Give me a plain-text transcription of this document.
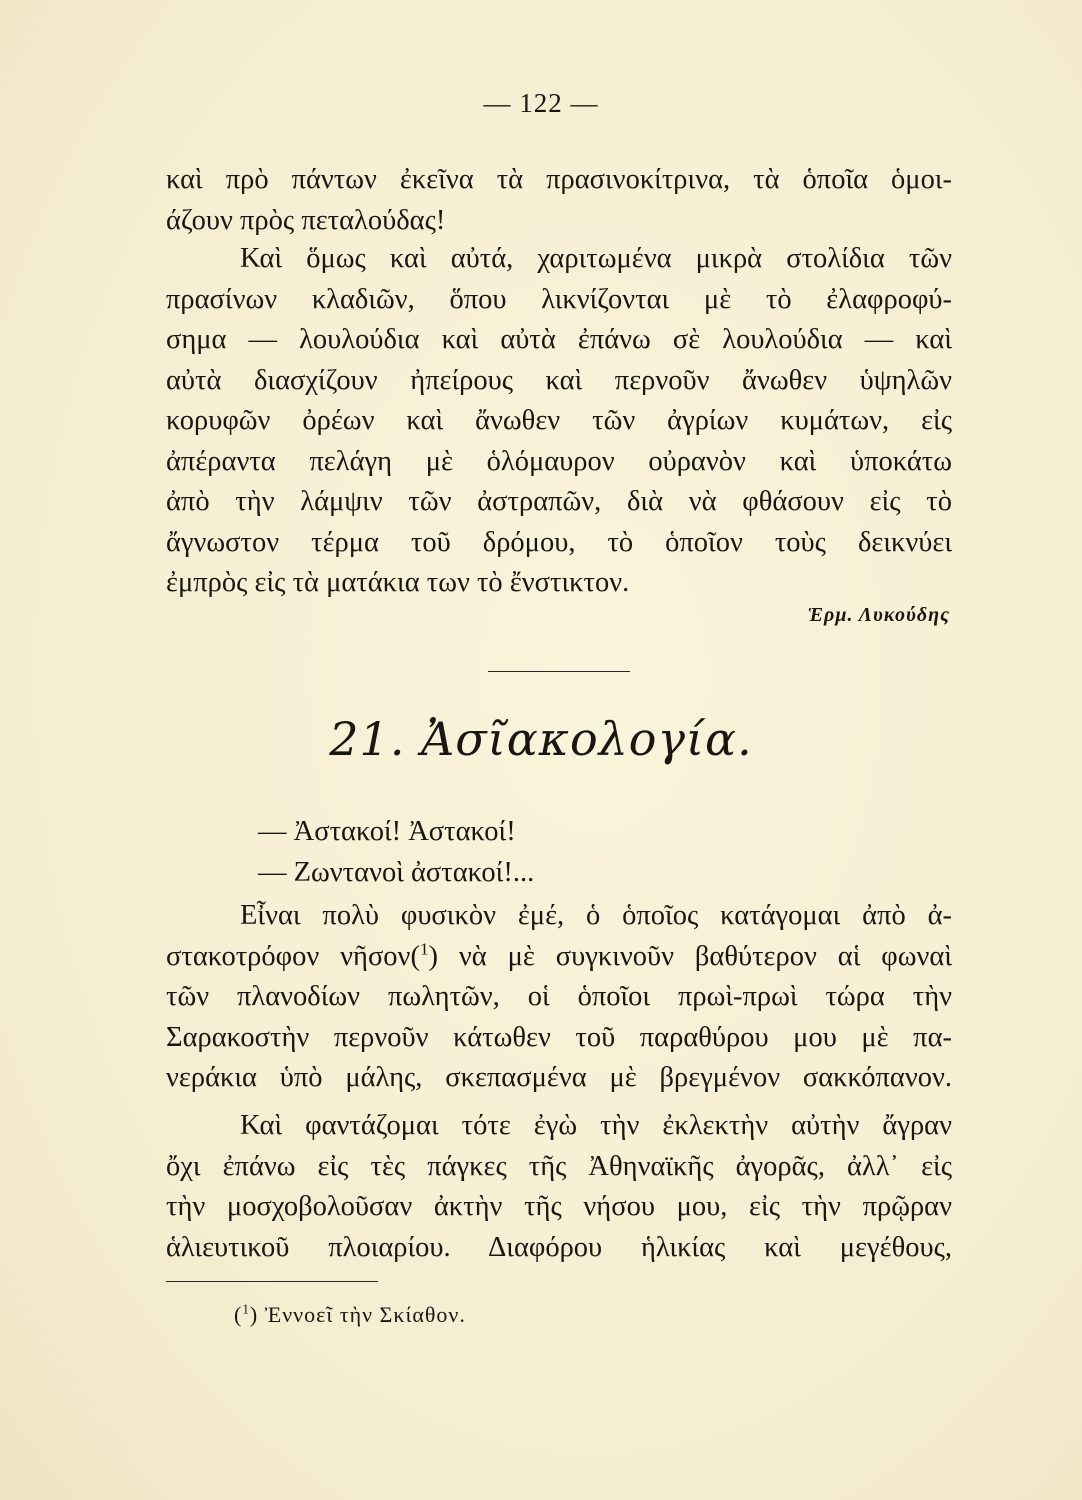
— 122 —
καὶ πρὸ πάντων ἐκεῖνα τὰ πρασινοκίτρινα, τὰ ὁποῖα ὁμοι-
άζουν πρὸς πεταλούδας!
Καὶ ὅμως καὶ αὐτά, χαριτωμένα μικρὰ στολίδια τῶν
πρασίνων κλαδιῶν, ὅπου λικνίζονται μὲ τὸ ἐλαφροφύ-
σημα — λουλούδια καὶ αὐτὰ ἐπάνω σὲ λουλούδια — καὶ
αὐτὰ διασχίζουν ἠπείρους καὶ περνοῦν ἄνωθεν ὑψηλῶν
κορυφῶν ὀρέων καὶ ἄνωθεν τῶν ἀγρίων κυμάτων, εἰς
ἀπέραντα πελάγη μὲ ὁλόμαυρον οὐρανὸν καὶ ὑποκάτω
ἀπὸ τὴν λάμψιν τῶν ἀστραπῶν, διὰ νὰ φθάσουν εἰς τὸ
ἄγνωστον τέρμα τοῦ δρόμου, τὸ ὁποῖον τοὺς δεικνύει
ἐμπρὸς εἰς τὰ ματάκια των τὸ ἔνστικτον.
Ἑρμ. Λυκούδης
21. Ἀσῖακολογία.
— Ἀστακοί! Ἀστακοί!
— Ζωντανοὶ ἀστακοί!...
Εἶναι πολὺ φυσικὸν ἐμέ, ὁ ὁποῖος κατάγομαι ἀπὸ ἀ-
στακοτρόφον νῆσον($^1$) νὰ μὲ συγκινοῦν βαθύτερον αἱ φωναὶ
τῶν πλανοδίων πωλητῶν, οἱ ὁποῖοι πρωὶ-πρωὶ τώρα τὴν
Σαρακοστὴν περνοῦν κάτωθεν τοῦ παραθύρου μου μὲ πα-
νεράκια ὑπὸ μάλης, σκεπασμένα μὲ βρεγμένον σακκόπανον.
Καὶ φαντάζομαι τότε ἐγὼ τὴν ἐκλεκτὴν αὐτὴν ἄγραν
ὄχι ἐπάνω εἰς τὲς πάγκες τῆς Ἀθηναϊκῆς ἀγορᾶς, ἀλλ᾽ εἰς
τὴν μοσχοβολοῦσαν ἀκτὴν τῆς νήσου μου, εἰς τὴν πρῷραν
ἁλιευτικοῦ πλοιαρίου. Διαφόρου ἡλικίας καὶ μεγέθους,
($^1$) Ἐννοεῖ τὴν Σκίαθον.
